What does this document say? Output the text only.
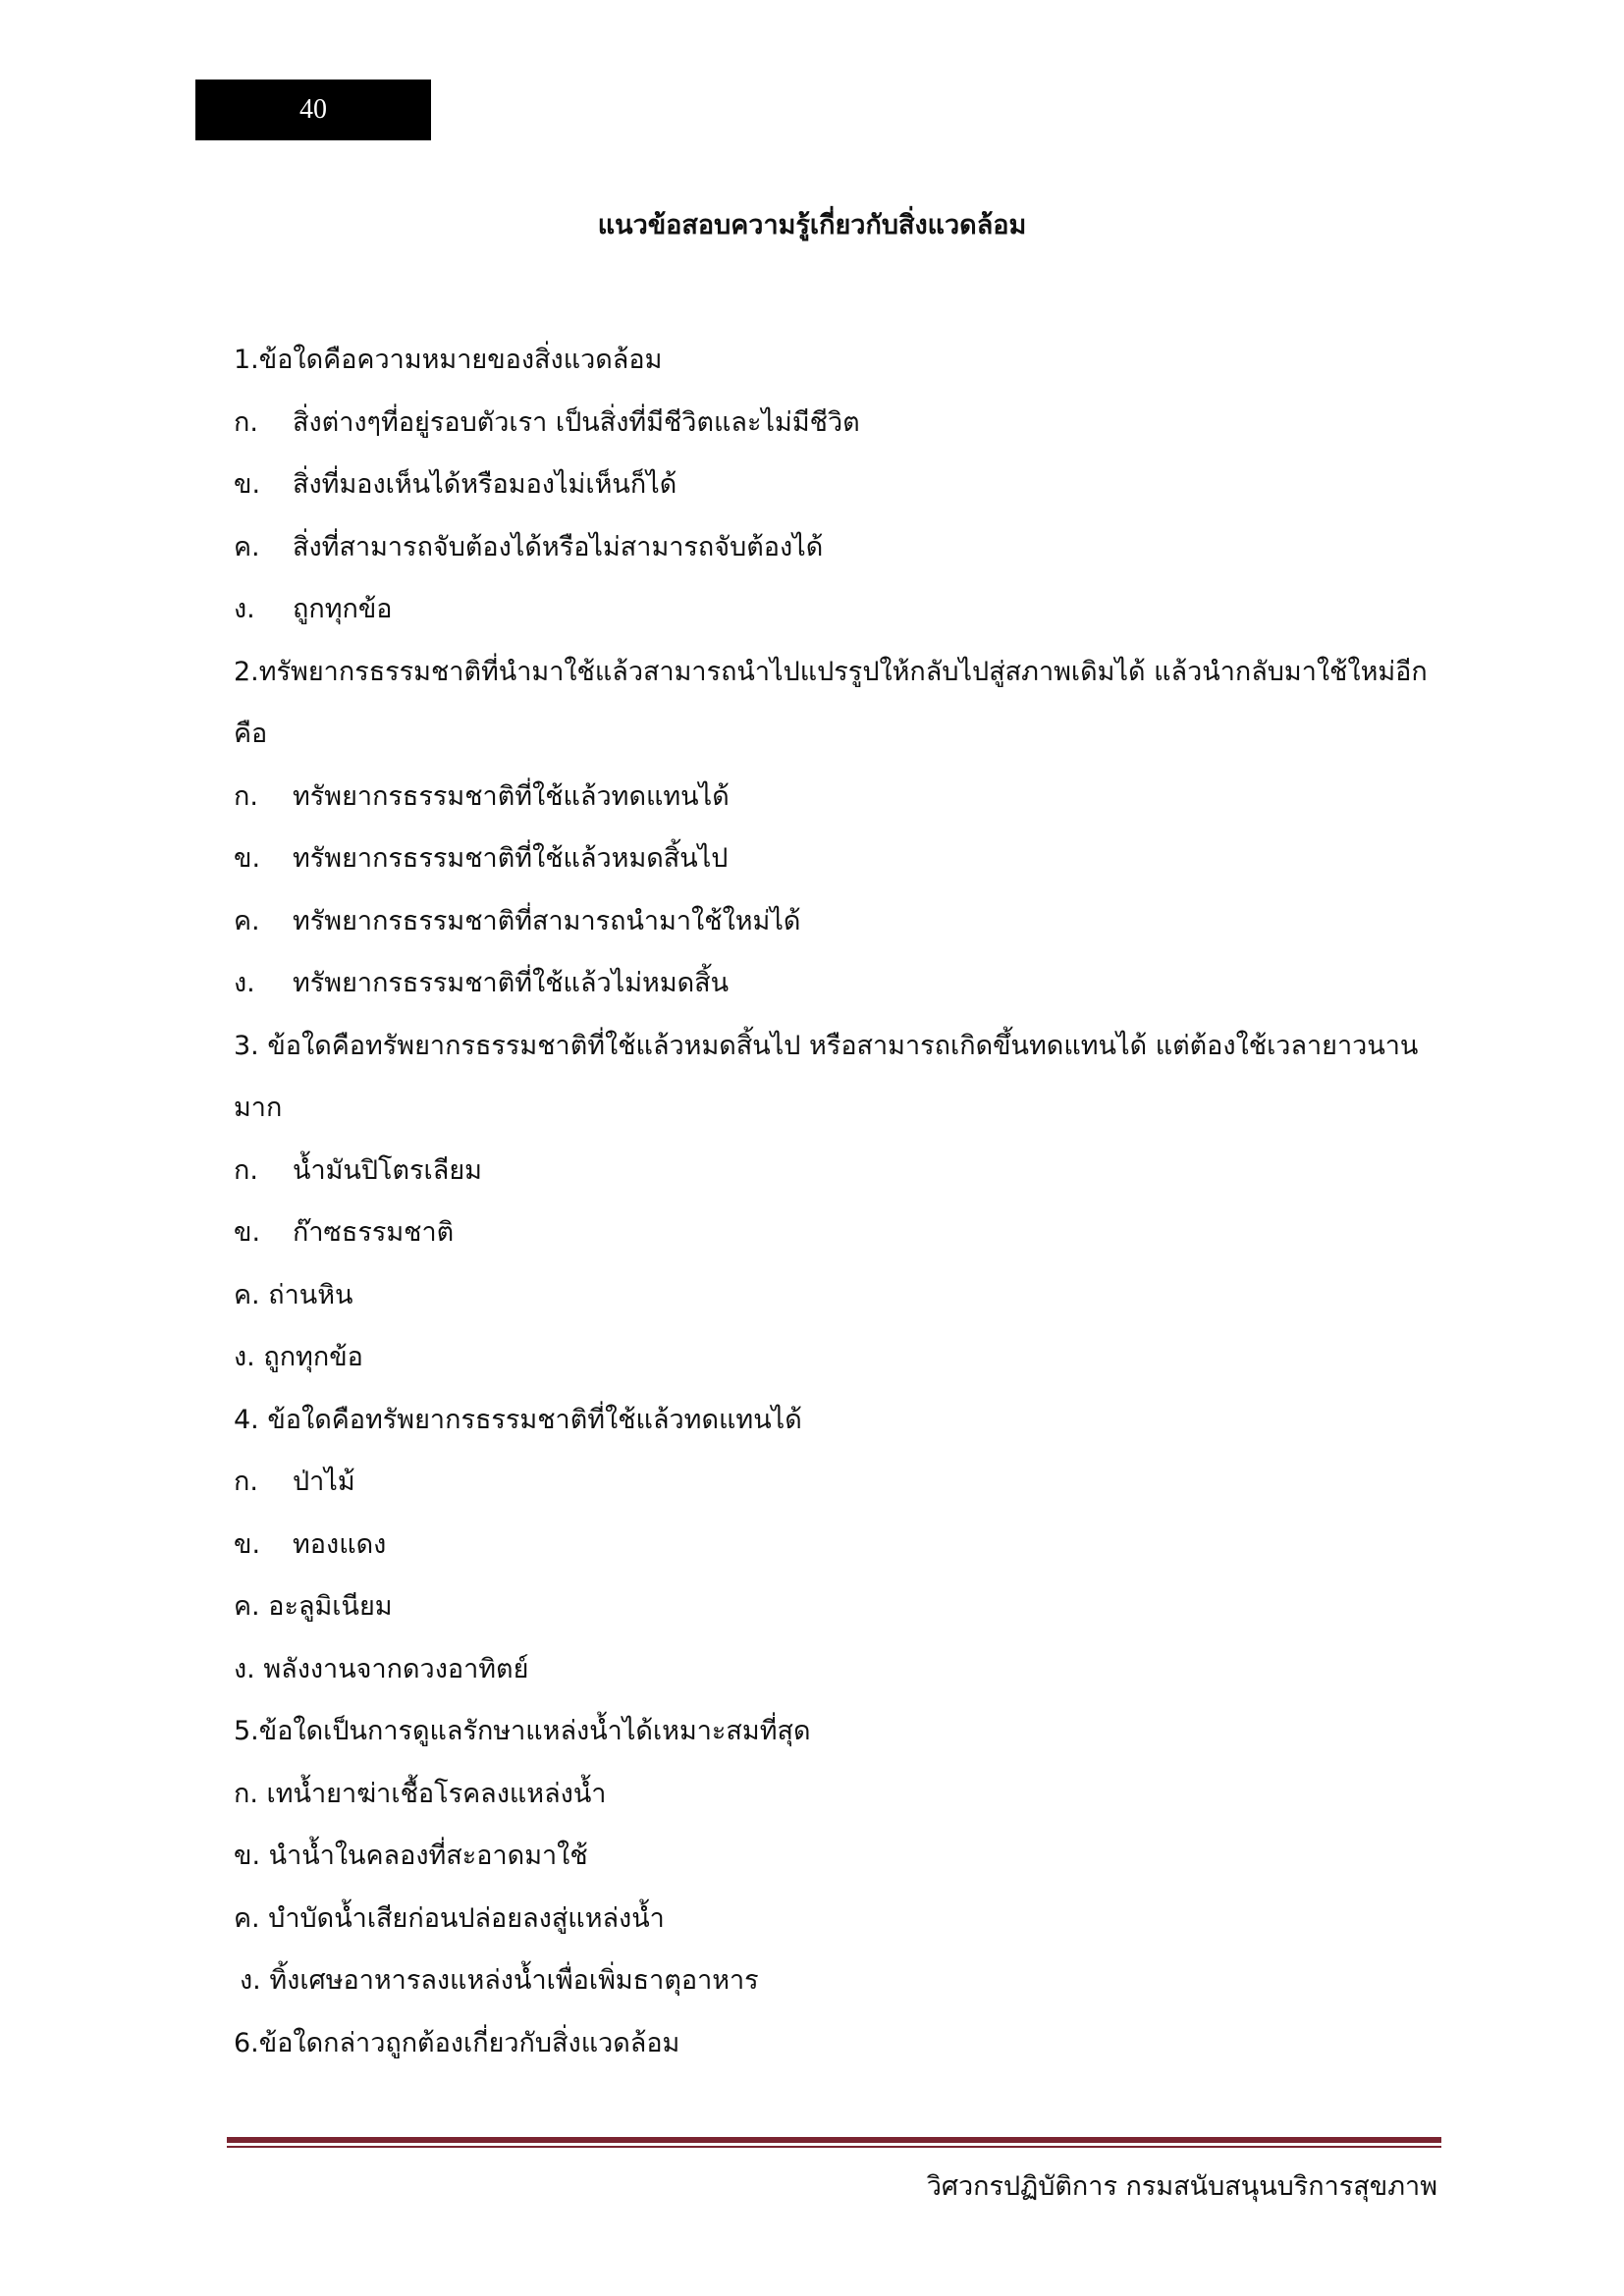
40
แนวข้อสอบความรู้เกี่ยวกับสิ่งแวดล้อม
1.ข้อใดคือความหมายของสิ่งแวดล้อม
ก. สิ่งต่างๆที่อยู่รอบตัวเรา เป็นสิ่งที่มีชีวิตและไม่มีชีวิต
ข. สิ่งที่มองเห็นได้หรือมองไม่เห็นก็ได้
ค. สิ่งที่สามารถจับต้องได้หรือไม่สามารถจับต้องได้
ง. ถูกทุกข้อ
2.ทรัพยากรธรรมชาติที่นำมาใช้แล้วสามารถนำไปแปรรูปให้กลับไปสู่สภาพเดิมได้ แล้วนำกลับมาใช้ใหม่อีก
คือ
ก. ทรัพยากรธรรมชาติที่ใช้แล้วทดแทนได้
ข. ทรัพยากรธรรมชาติที่ใช้แล้วหมดสิ้นไป
ค. ทรัพยากรธรรมชาติที่สามารถนำมาใช้ใหม่ได้
ง. ทรัพยากรธรรมชาติที่ใช้แล้วไม่หมดสิ้น
3. ข้อใดคือทรัพยากรธรรมชาติที่ใช้แล้วหมดสิ้นไป หรือสามารถเกิดขึ้นทดแทนได้ แต่ต้องใช้เวลายาวนาน
มาก
ก. น้ำมันปิโตรเลียม
ข. ก๊าซธรรมชาติ
ค. ถ่านหิน
ง. ถูกทุกข้อ
4. ข้อใดคือทรัพยากรธรรมชาติที่ใช้แล้วทดแทนได้
ก. ป่าไม้
ข. ทองแดง
ค. อะลูมิเนียม
ง. พลังงานจากดวงอาทิตย์
5.ข้อใดเป็นการดูแลรักษาแหล่งน้ำได้เหมาะสมที่สุด
ก. เทน้ำยาฆ่าเชื้อโรคลงแหล่งน้ำ
ข. นำน้ำในคลองที่สะอาดมาใช้
ค. บำบัดน้ำเสียก่อนปล่อยลงสู่แหล่งน้ำ
ง. ทิ้งเศษอาหารลงแหล่งน้ำเพื่อเพิ่มธาตุอาหาร
6.ข้อใดกล่าวถูกต้องเกี่ยวกับสิ่งแวดล้อม
วิศวกรปฏิบัติการ กรมสนับสนุนบริการสุขภาพ
